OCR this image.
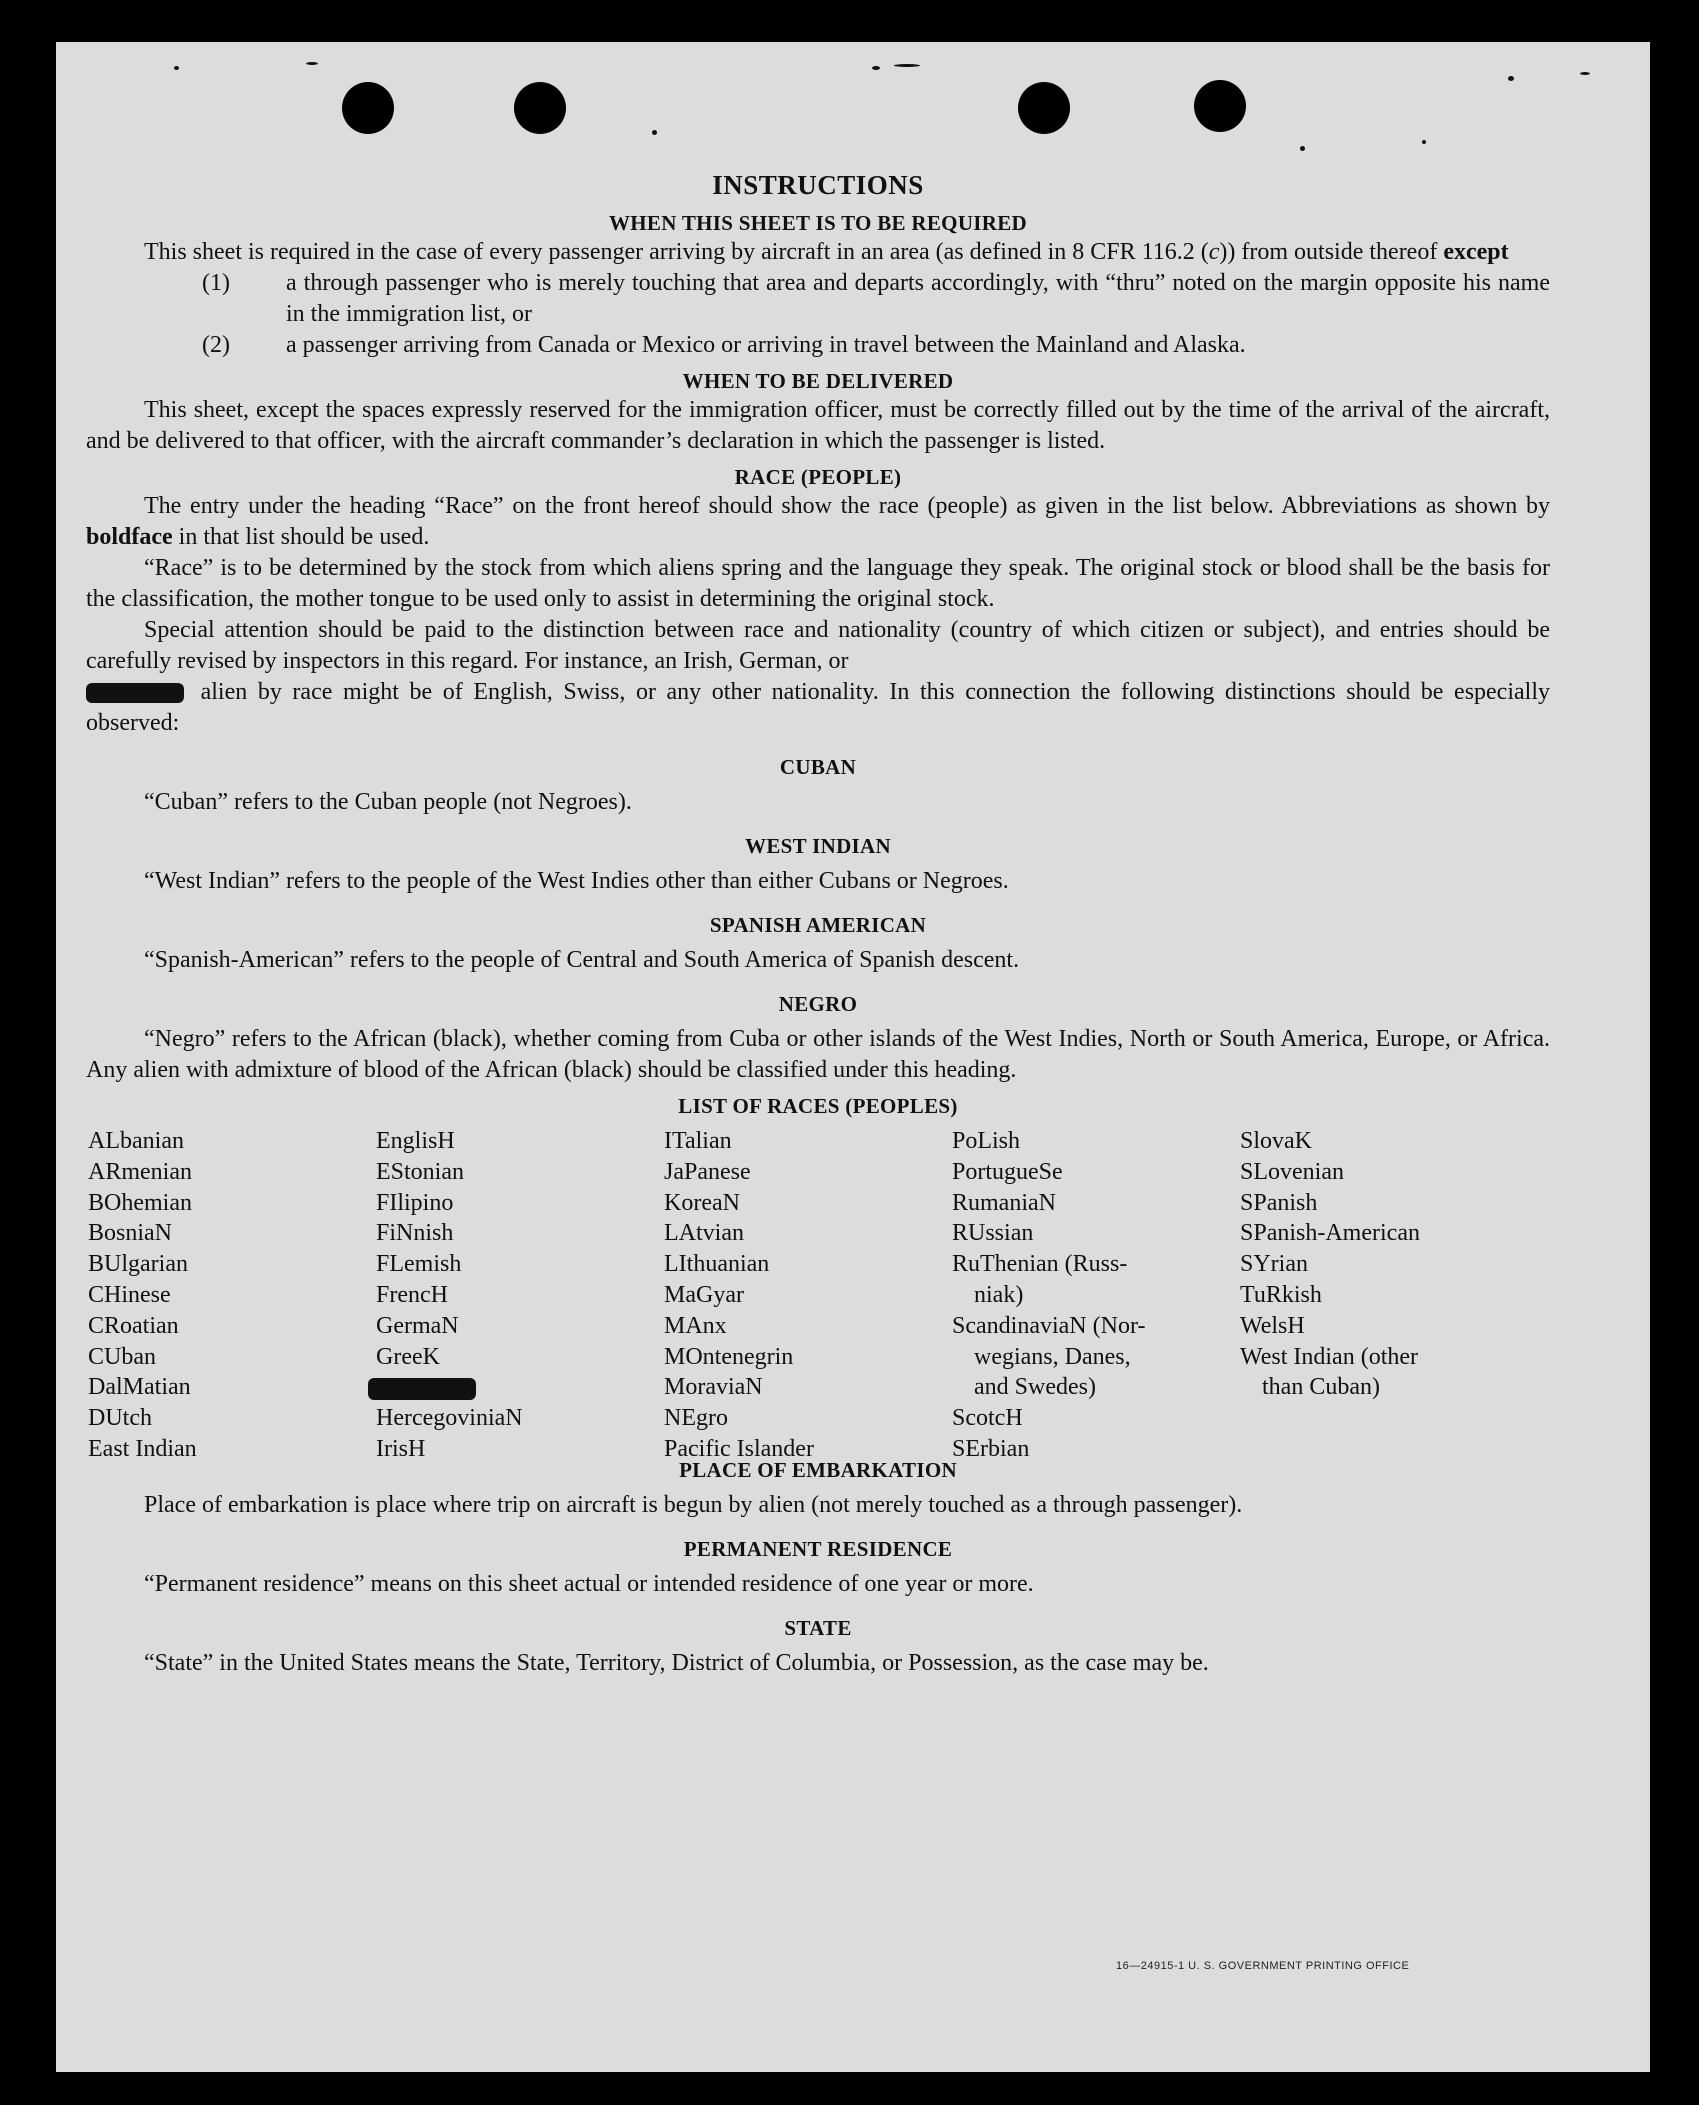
INSTRUCTIONS
WHEN THIS SHEET IS TO BE REQUIRED

This sheet is required in the case of every passenger arriving by aircraft in an area (as defined in 8 CFR 116.2 (c)) from outside thereof except

(1) a through passenger who is merely touching that area and departs accordingly, with “thru” noted on the margin opposite his name in the immigration list, or

(2) a passenger arriving from Canada or Mexico or arriving in travel between the Mainland and Alaska.

WHEN TO BE DELIVERED

This sheet, except the spaces expressly reserved for the immigration officer, must be correctly filled out by the time of the arrival of the aircraft, and be delivered to that officer, with the aircraft commander’s declaration in which the passenger is listed.

RACE (PEOPLE)

The entry under the heading “Race” on the front hereof should show the race (people) as given in the list below. Abbreviations as shown by boldface in that list should be used.

“Race” is to be determined by the stock from which aliens spring and the language they speak. The original stock or blood shall be the basis for the classification, the mother tongue to be used only to assist in determining the original stock.

Special attention should be paid to the distinction between race and nationality (country of which citizen or subject), and entries should be carefully revised by inspectors in this regard. For instance, an Irish, German, or
alien by race might be of English, Swiss, or any other nationality. In this connection the following distinctions should be especially observed:

CUBAN

“Cuban” refers to the Cuban people (not Negroes).

WEST INDIAN

“West Indian” refers to the people of the West Indies other than either Cubans or Negroes.

SPANISH AMERICAN

“Spanish-American” refers to the people of Central and South America of Spanish descent.

NEGRO

“Negro” refers to the African (black), whether coming from Cuba or other islands of the West Indies, North or South America, Europe, or Africa. Any alien with admixture of blood of the African (black) should be classified under this heading.

LIST OF RACES (PEOPLES)
ALbanian
ARmenian
BOhemian
BosniaN
BUlgarian
CHinese
CRoatian
CUban
DalMatian
DUtch
East Indian
EnglisH
EStonian
FIlipino
FiNnish
FLemish
FrencH
GermaN
GreeK
HercegoviniaN
IrisH
ITalian
JaPanese
KoreaN
LAtvian
LIthuanian
MaGyar
MAnx
MOntenegrin
MoraviaN
NEgro
Pacific Islander
PoLish
PortugueSe
RumaniaN
RUssian
RuThenian (Russ-
niak)
ScandinaviaN (Nor-
wegians, Danes,
and Swedes)
ScotcH
SErbian
SlovaK
SLovenian
SPanish
SPanish-American
SYrian
TuRkish
WelsH
West Indian (other
than Cuban)
PLACE OF EMBARKATION

Place of embarkation is place where trip on aircraft is begun by alien (not merely touched as a through passenger).

PERMANENT RESIDENCE

“Permanent residence” means on this sheet actual or intended residence of one year or more.

STATE

“State” in the United States means the State, Territory, District of Columbia, or Possession, as the case may be.

16—24915-1 U. S. GOVERNMENT PRINTING OFFICE
